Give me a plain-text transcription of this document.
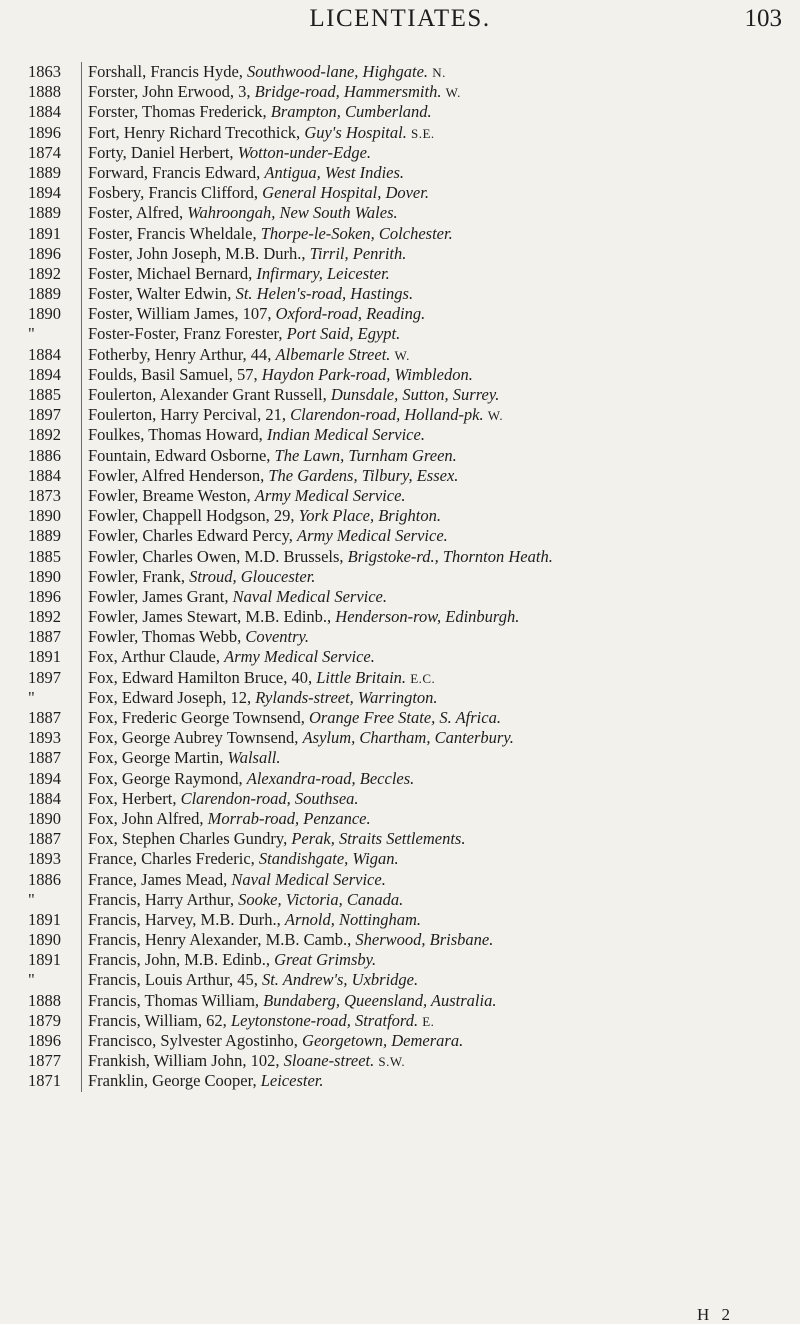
LICENTIATES.	103
1863	Forshall, Francis Hyde, Southwood-lane, Highgate. N.
1888	Forster, John Erwood, 3, Bridge-road, Hammersmith. W.
1884	Forster, Thomas Frederick, Brampton, Cumberland.
1896	Fort, Henry Richard Trecothick, Guy's Hospital. S.E.
1874	Forty, Daniel Herbert, Wotton-under-Edge.
1889	Forward, Francis Edward, Antigua, West Indies.
1894	Fosbery, Francis Clifford, General Hospital, Dover.
1889	Foster, Alfred, Wahroongah, New South Wales.
1891	Foster, Francis Wheldale, Thorpe-le-Soken, Colchester.
1896	Foster, John Joseph, M.B. Durh., Tirril, Penrith.
1892	Foster, Michael Bernard, Infirmary, Leicester.
1889	Foster, Walter Edwin, St. Helen's-road, Hastings.
1890	Foster, William James, 107, Oxford-road, Reading.
"	Foster-Foster, Franz Forester, Port Said, Egypt.
1884	Fotherby, Henry Arthur, 44, Albemarle Street. W.
1894	Foulds, Basil Samuel, 57, Haydon Park-road, Wimbledon.
1885	Foulerton, Alexander Grant Russell, Dunsdale, Sutton, Surrey.
1897	Foulerton, Harry Percival, 21, Clarendon-road, Holland-pk. W.
1892	Foulkes, Thomas Howard, Indian Medical Service.
1886	Fountain, Edward Osborne, The Lawn, Turnham Green.
1884	Fowler, Alfred Henderson, The Gardens, Tilbury, Essex.
1873	Fowler, Breame Weston, Army Medical Service.
1890	Fowler, Chappell Hodgson, 29, York Place, Brighton.
1889	Fowler, Charles Edward Percy, Army Medical Service.
1885	Fowler, Charles Owen, M.D. Brussels, Brigstoke-rd., Thornton Heath.
1890	Fowler, Frank, Stroud, Gloucester.
1896	Fowler, James Grant, Naval Medical Service.
1892	Fowler, James Stewart, M.B. Edinb., Henderson-row, Edinburgh.
1887	Fowler, Thomas Webb, Coventry.
1891	Fox, Arthur Claude, Army Medical Service.
1897	Fox, Edward Hamilton Bruce, 40, Little Britain. E.C.
"	Fox, Edward Joseph, 12, Rylands-street, Warrington.
1887	Fox, Frederic George Townsend, Orange Free State, S. Africa.
1893	Fox, George Aubrey Townsend, Asylum, Chartham, Canterbury.
1887	Fox, George Martin, Walsall.
1894	Fox, George Raymond, Alexandra-road, Beccles.
1884	Fox, Herbert, Clarendon-road, Southsea.
1890	Fox, John Alfred, Morrab-road, Penzance.
1887	Fox, Stephen Charles Gundry, Perak, Straits Settlements.
1893	France, Charles Frederic, Standishgate, Wigan.
1886	France, James Mead, Naval Medical Service.
"	Francis, Harry Arthur, Sooke, Victoria, Canada.
1891	Francis, Harvey, M.B. Durh., Arnold, Nottingham.
1890	Francis, Henry Alexander, M.B. Camb., Sherwood, Brisbane.
1891	Francis, John, M.B. Edinb., Great Grimsby.
"	Francis, Louis Arthur, 45, St. Andrew's, Uxbridge.
1888	Francis, Thomas William, Bundaberg, Queensland, Australia.
1879	Francis, William, 62, Leytonstone-road, Stratford. E.
1896	Francisco, Sylvester Agostinho, Georgetown, Demerara.
1877	Frankish, William John, 102, Sloane-street. S.W.
1871	Franklin, George Cooper, Leicester.
H 2
